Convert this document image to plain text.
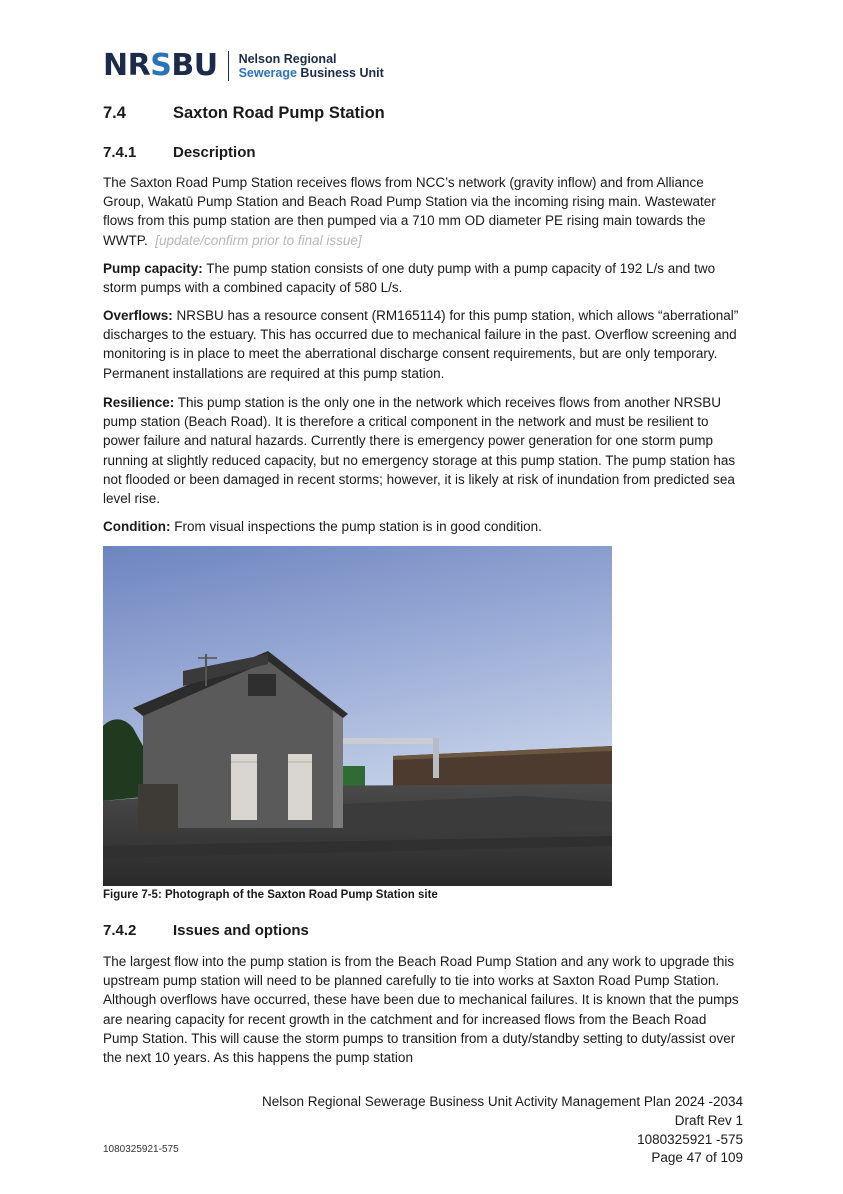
NRSBU Nelson Regional
Sewerage Business Unit
7.4	Saxton Road Pump Station
7.4.1 Description

The Saxton Road Pump Station receives flows from NCC’s network (gravity inflow) and from Alliance Group, Wakatū Pump Station and Beach Road Pump Station via the incoming rising main. Wastewater flows from this pump station are then pumped via a 710 mm OD diameter PE rising main towards the WWTP. [update/confirm prior to final issue]

Pump capacity: The pump station consists of one duty pump with a pump capacity of 192 L/s and two storm pumps with a combined capacity of 580 L/s.

Overflows: NRSBU has a resource consent (RM165114) for this pump station, which allows “aberrational” discharges to the estuary. This has occurred due to mechanical failure in the past. Overflow screening and monitoring is in place to meet the aberrational discharge consent requirements, but are only temporary. Permanent installations are required at this pump station.

Resilience: This pump station is the only one in the network which receives flows from another NRSBU pump station (Beach Road). It is therefore a critical component in the network and must be resilient to power failure and natural hazards. Currently there is emergency power generation for one storm pump running at slightly reduced capacity, but no emergency storage at this pump station. The pump station has not flooded or been damaged in recent storms; however, it is likely at risk of inundation from predicted sea level rise.

Condition: From visual inspections the pump station is in good condition.

Figure 7-5: Photograph of the Saxton Road Pump Station site
7.4.2 Issues and options

The largest flow into the pump station is from the Beach Road Pump Station and any work to upgrade this upstream pump station will need to be planned carefully to tie into works at Saxton Road Pump Station. Although overflows have occurred, these have been due to mechanical failures. It is known that the pumps are nearing capacity for recent growth in the catchment and for increased flows from the Beach Road Pump Station. This will cause the storm pumps to transition from a duty/standby setting to duty/assist over the next 10 years. As this happens the pump station

Nelson Regional Sewerage Business Unit Activity Management Plan 2024 -2034
Draft Rev 1
1080325921 -575
Page 47 of 109
1080325921-575
